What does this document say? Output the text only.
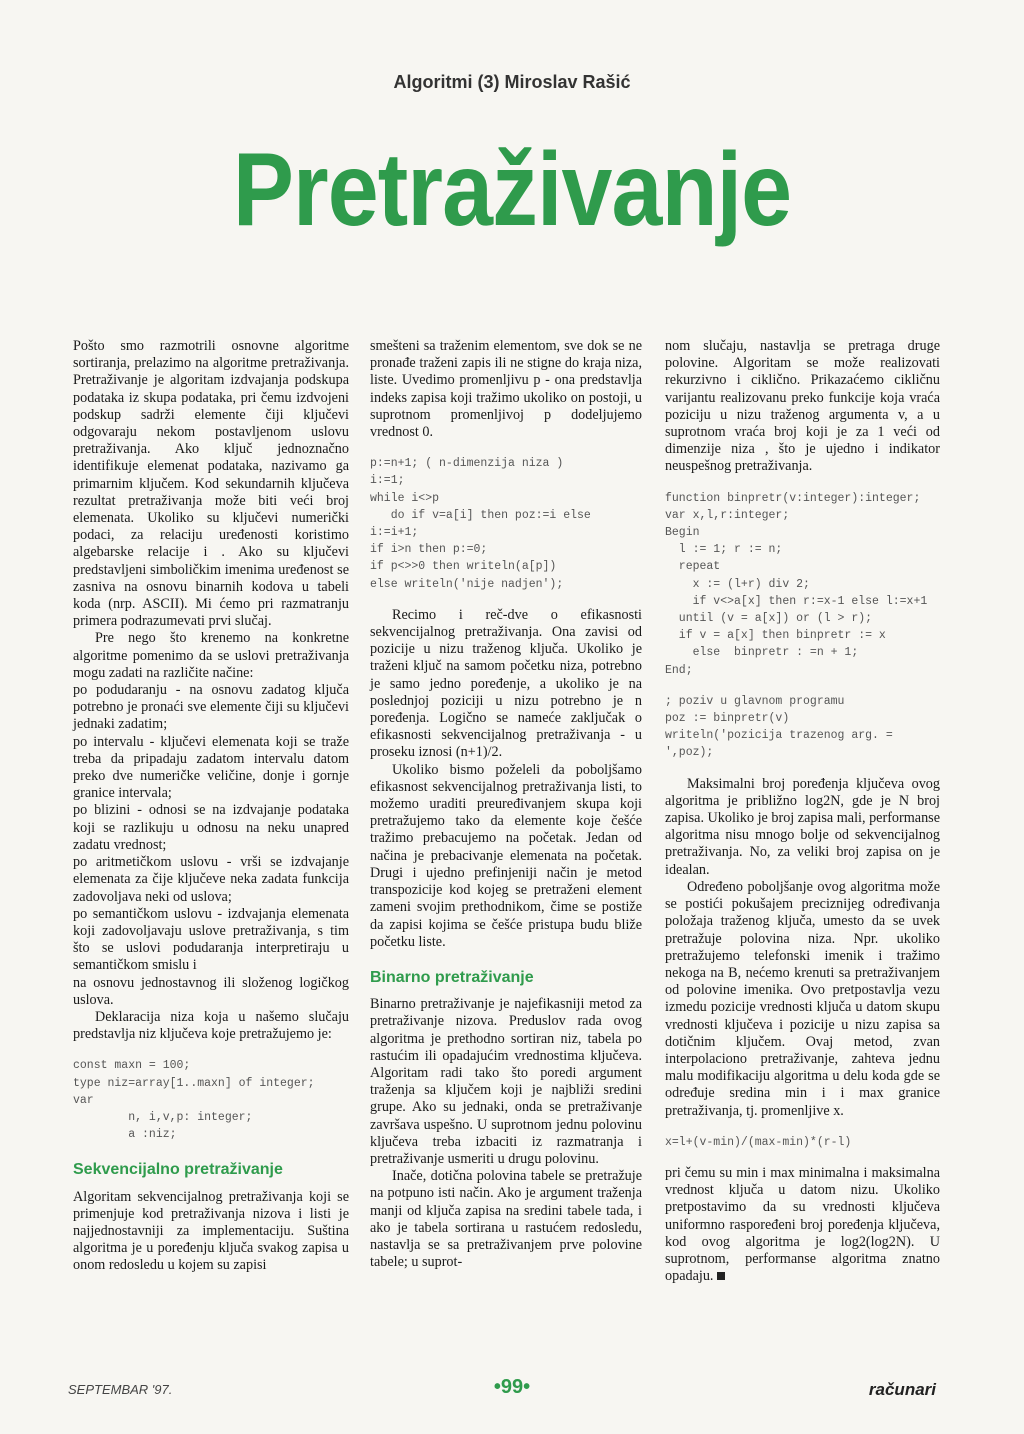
Algoritmi (3) Miroslav Rašić
Pretraživanje

Pošto smo razmotrili osnovne algoritme sortiranja, prelazimo na algoritme pretraživanja. Pretraživanje je algoritam izdvajanja podskupa podataka iz skupa podataka, pri čemu izdvojeni podskup sadrži elemente čiji ključevi odgovaraju nekom postavljenom uslovu pretraživanja. Ako ključ jednoznačno identifikuje elemenat podataka, nazivamo ga primarnim ključem. Kod sekundarnih ključeva rezultat pretraživanja može biti veći broj elemenata. Ukoliko su ključevi numerički podaci, za relaciju uređenosti koristimo algebarske relacije i . Ako su ključevi predstavljeni simboličkim imenima uređenost se zasniva na osnovu binarnih kodova u tabeli koda (nrp. ASCII). Mi ćemo pri razmatranju primera podrazumevati prvi slučaj.

Pre nego što krenemo na konkretne algoritme pomenimo da se uslovi pretraživanja mogu zadati na različite načine:

po podudaranju - na osnovu zadatog ključa potrebno je pronaći sve elemente čiji su ključevi jednaki zadatim;

po intervalu - ključevi elemenata koji se traže treba da pripadaju zadatom intervalu datom preko dve numeričke veličine, donje i gornje granice intervala;

po blizini - odnosi se na izdvajanje podataka koji se razlikuju u odnosu na neku unapred zadatu vrednost;

po aritmetičkom uslovu - vrši se izdvajanje elemenata za čije ključeve neka zadata funkcija zadovoljava neki od uslova;

po semantičkom uslovu - izdvajanja elemenata koji zadovoljavaju uslove pretraživanja, s tim što se uslovi podudaranja interpretiraju u semantičkom smislu i

na osnovu jednostavnog ili složenog logičkog uslova.

Deklaracija niza koja u našemo slučaju predstavlja niz ključeva koje pretražujemo je:

const maxn = 100;
type niz=array[1..maxn] of integer;
var
n, i,v,p: integer;
a :niz;
Sekvencijalno pretraživanje

Algoritam sekvencijalnog pretraživanja koji se primenjuje kod pretraživanja nizova i listi je najjednostavniji za implementaciju. Suština algoritma je u poređenju ključa svakog zapisa u onom redosledu u kojem su zapisi

smešteni sa traženim elementom, sve dok se ne pronađe traženi zapis ili ne stigne do kraja niza, liste. Uvedimo promenljivu p - ona predstavlja indeks zapisa koji tražimo ukoliko on postoji, u suprotnom promenljivoj p dodeljujemo vrednost 0.

p:=n+1; ( n-dimenzija niza )
i:=1;
while i<>p
do if v=a[i] then poz:=i else
i:=i+1;
if i>n then p:=0;
if p<>>0 then writeln(a[p])
else writeln('nije nadjen');

Recimo i reč-dve o efikasnosti sekvencijalnog pretraživanja. Ona zavisi od pozicije u nizu traženog ključa. Ukoliko je traženi ključ na samom početku niza, potrebno je samo jedno poređenje, a ukoliko je na poslednjoj poziciji u nizu potrebno je n poređenja. Logično se nameće zaključak o efikasnosti sekvencijalnog pretraživanja - u proseku iznosi (n+1)/2.

Ukoliko bismo poželeli da poboljšamo efikasnost sekvencijalnog pretraživanja listi, to možemo uraditi preuređivanjem skupa koji pretražujemo tako da elemente koje češće tražimo prebacujemo na početak. Jedan od načina je prebacivanje elemenata na početak. Drugi i ujedno prefinjeniji način je metod transpozicije kod kojeg se pretraženi element zameni svojim prethodnikom, čime se postiže da zapisi kojima se češće pristupa budu bliže početku liste.

Binarno pretraživanje

Binarno pretraživanje je najefikasniji metod za pretraživanje nizova. Preduslov rada ovog algoritma je prethodno sortiran niz, tabela po rastućim ili opadajućim vrednostima ključeva. Algoritam radi tako što poredi argument traženja sa ključem koji je najbliži sredini grupe. Ako su jednaki, onda se pretraživanje završava uspešno. U suprotnom jednu polovinu ključeva treba izbaciti iz razmatranja i pretraživanje usmeriti u drugu polovinu.

Inače, dotična polovina tabele se pretražuje na potpuno isti način. Ako je argument traženja manji od ključa zapisa na sredini tabele tada, i ako je tabela sortirana u rastućem redosledu, nastavlja se sa pretraživanjem prve polovine tabele; u suprot-

nom slučaju, nastavlja se pretraga druge polovine. Algoritam se može realizovati rekurzivno i ciklično. Prikazaćemo cikličnu varijantu realizovanu preko funkcije koja vraća poziciju u nizu traženog argumenta v, a u suprotnom vraća broj koji je za 1 veći od dimenzije niza , što je ujedno i indikator neuspešnog pretraživanja.

function binpretr(v:integer):integer;
var x,l,r:integer;
Begin
l := 1; r := n;
repeat
x := (l+r) div 2;
if v<>a[x] then r:=x-1 else l:=x+1
until (v = a[x]) or (l > r);
if v = a[x] then binpretr := x
else  binpretr : =n + 1;
End;
; poziv u glavnom programu
poz := binpretr(v)
writeln('pozicija trazenog arg. =
',poz);

Maksimalni broj poređenja ključeva ovog algoritma je približno log2N, gde je N broj zapisa. Ukoliko je broj zapisa mali, performanse algoritma nisu mnogo bolje od sekvencijalnog pretraživanja. No, za veliki broj zapisa on je idealan.

Određeno poboljšanje ovog algoritma može se postići pokušajem preciznijeg određivanja položaja traženog ključa, umesto da se uvek pretražuje polovina niza. Npr. ukoliko pretražujemo telefonski imenik i tražimo nekoga na B, nećemo krenuti sa pretraživanjem od polovine imenika. Ovo pretpostavlja vezu izmedu pozicije vrednosti ključa u datom skupu vrednosti ključeva i pozicije u nizu zapisa sa dotičnim ključem. Ovaj metod, zvan interpolaciono pretraživanje, zahteva jednu malu modifikaciju algoritma u delu koda gde se određuje sredina min i i max granice pretraživanja, tj. promenljive x.

x=l+(v-min)/(max-min)*(r-l)

pri čemu su min i max minimalna i maksimalna vrednost ključa u datom nizu. Ukoliko pretpostavimo da su vrednosti ključeva uniformno raspoređeni broj poređenja ključeva, kod ovog algoritma je log2(log2N). U suprotnom, performanse algoritma znatno opadaju.

SEPTEMBAR '97.	•99•	računari
